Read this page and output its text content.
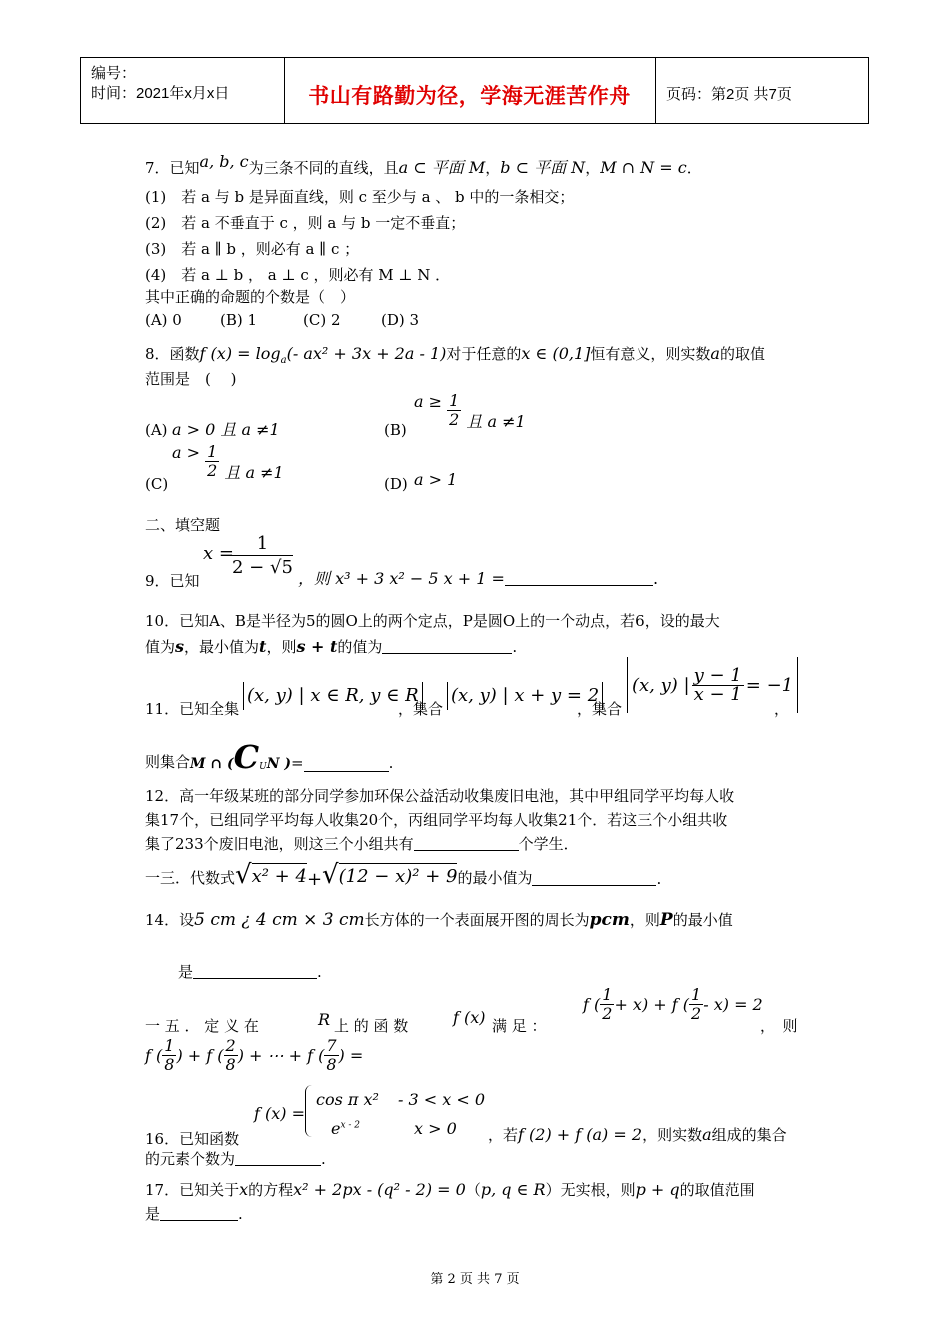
编号：
时间：2021年x月x日	书山有路勤为径，学海无涯苦作舟	页码：第2页 共7页
7．已知a, b, c为三条不同的直线，且a ⊂ 平面 M，b ⊂ 平面 N，M ∩ N = c．
(1)　若 a 与 b 是异面直线，则 c 至少与 a 、 b 中的一条相交；
(2)　若 a 不垂直于 c ，则 a 与 b 一定不垂直；
(3)　若 a ∥ b ，则必有 a ∥ c ；
(4)　若 a ⊥ b ， a ⊥ c ，则必有 M ⊥ N ．
其中正确的命题的个数是（　）
(A) 0	(B) 1	(C) 2	(D) 3
8．函数f $(x) = \log_a(-$ ax² + 3x + 2a - 1)对于任意的x ∈ (0,1]恒有意义，则实数a的取值
范围是　(　 )
(A) a > 0 且 a ≠1	(B)
$a \ge \frac{1}{2}$ 且 a ≠1
(C)
$a > \frac{1}{2}$ 且 a ≠1
(D) a > 1
二、填空题
9．已知
x =
$\frac{1}{2 - √5}$ ，则 x³ + 3 x² − 5 x + 1 =	.
10．已知A、B是半径为5的圆O上的两个定点，P是圆O上的一个动点，若6，设的最大
值为s，最小值为t，则s + t的值为	.
11．已知全集
(x, y) | x ∈ R, y ∈ R
，集合
(x, y) | x + y = 2
，集合
(x, y) | $\frac{y - 1}{x - 1} = -1$
，
则集合 M ∩ ( $C_U$ N ) =	.
12．高一年级某班的部分同学参加环保公益活动收集废旧电池，其中甲组同学平均每人收
集17个，已组同学平均每人收集20个，丙组同学平均每人收集21个．若这三个小组共收
集了233个废旧电池，则这三个小组共有	个学生．
一三．代数式 √ x² + 4 + √ (12 − x)² + 9 的最小值为	.
14．设5 cm ¿ 4 cm × 3 cm长方体的一个表面展开图的周长为pcm，则P的最小值
是	.
一 五 ． 定 义 在	R 上 的 函 数	f (x) 满 足 ：
f ( $\frac{1}{2} + x) + f$ ( $\frac{1}{2} - x) = 2$
，　则
f ( $\frac{1}{8}$ ) + f ( $\frac{2}{8}$ ) + ⋯ + f ( $\frac{7}{8}$ ) =
f (x) =
cos π x² - 3 < x < 0
$e^{x - 2}$	x > 0
16．已知函数	，若f (2) + f (a) = 2，则实数a组成的集合
的元素个数为	.
17．已知关于x的方程x² + 2px - (q² - 2) = 0（p, q ∈ R）无实根，则p + q的取值范围
是	.
第 2 页 共 7 页
